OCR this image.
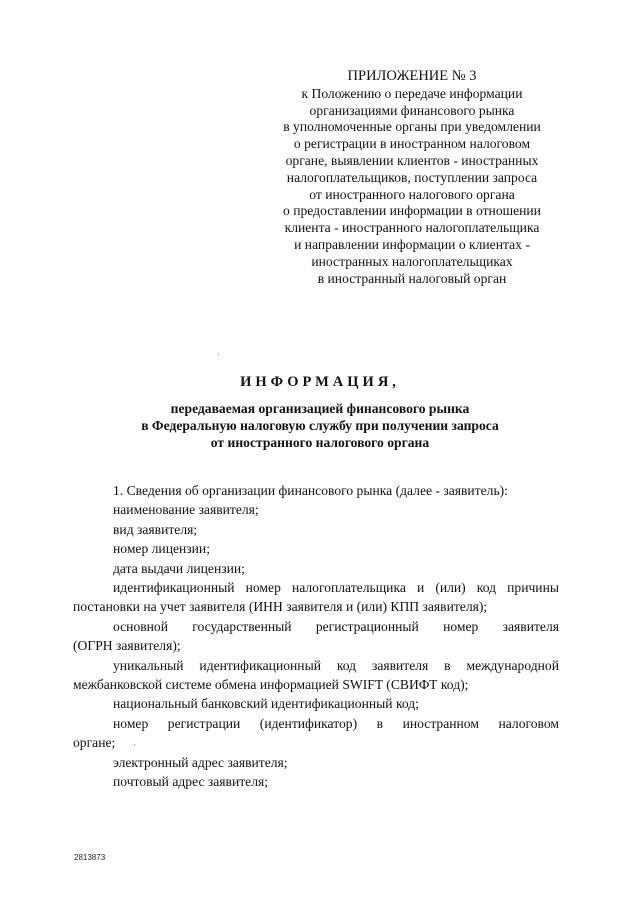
ПРИЛОЖЕНИЕ № 3
к Положению о передаче информации
организациями финансового рынка
в уполномоченные органы при уведомлении
о регистрации в иностранном налоговом
органе, выявлении клиентов - иностранных
налогоплательщиков, поступлении запроса
от иностранного налогового органа
о предоставлении информации в отношении
клиента - иностранного налогоплательщика
и направлении информации о клиентах -
иностранных налогоплательщиках
в иностранный налоговый орган
ИНФОРМАЦИЯ,
передаваемая организацией финансового рынка
в Федеральную налоговую службу при получении запроса
от иностранного налогового органа
1. Сведения об организации финансового рынка (далее - заявитель):
наименование заявителя;
вид заявителя;
номер лицензии;
дата выдачи лицензии;
идентификационный номер налогоплательщика и (или) код причины
постановки на учет заявителя (ИНН заявителя и (или) КПП заявителя);
основной государственный регистрационный номер заявителя
(ОГРН заявителя);
уникальный идентификационный код заявителя в международной
межбанковской системе обмена информацией SWIFT (СВИФТ код);
национальный банковский идентификационный код;
номер регистрации (идентификатор) в иностранном налоговом
органе;
электронный адрес заявителя;
почтовый адрес заявителя;
2813873
